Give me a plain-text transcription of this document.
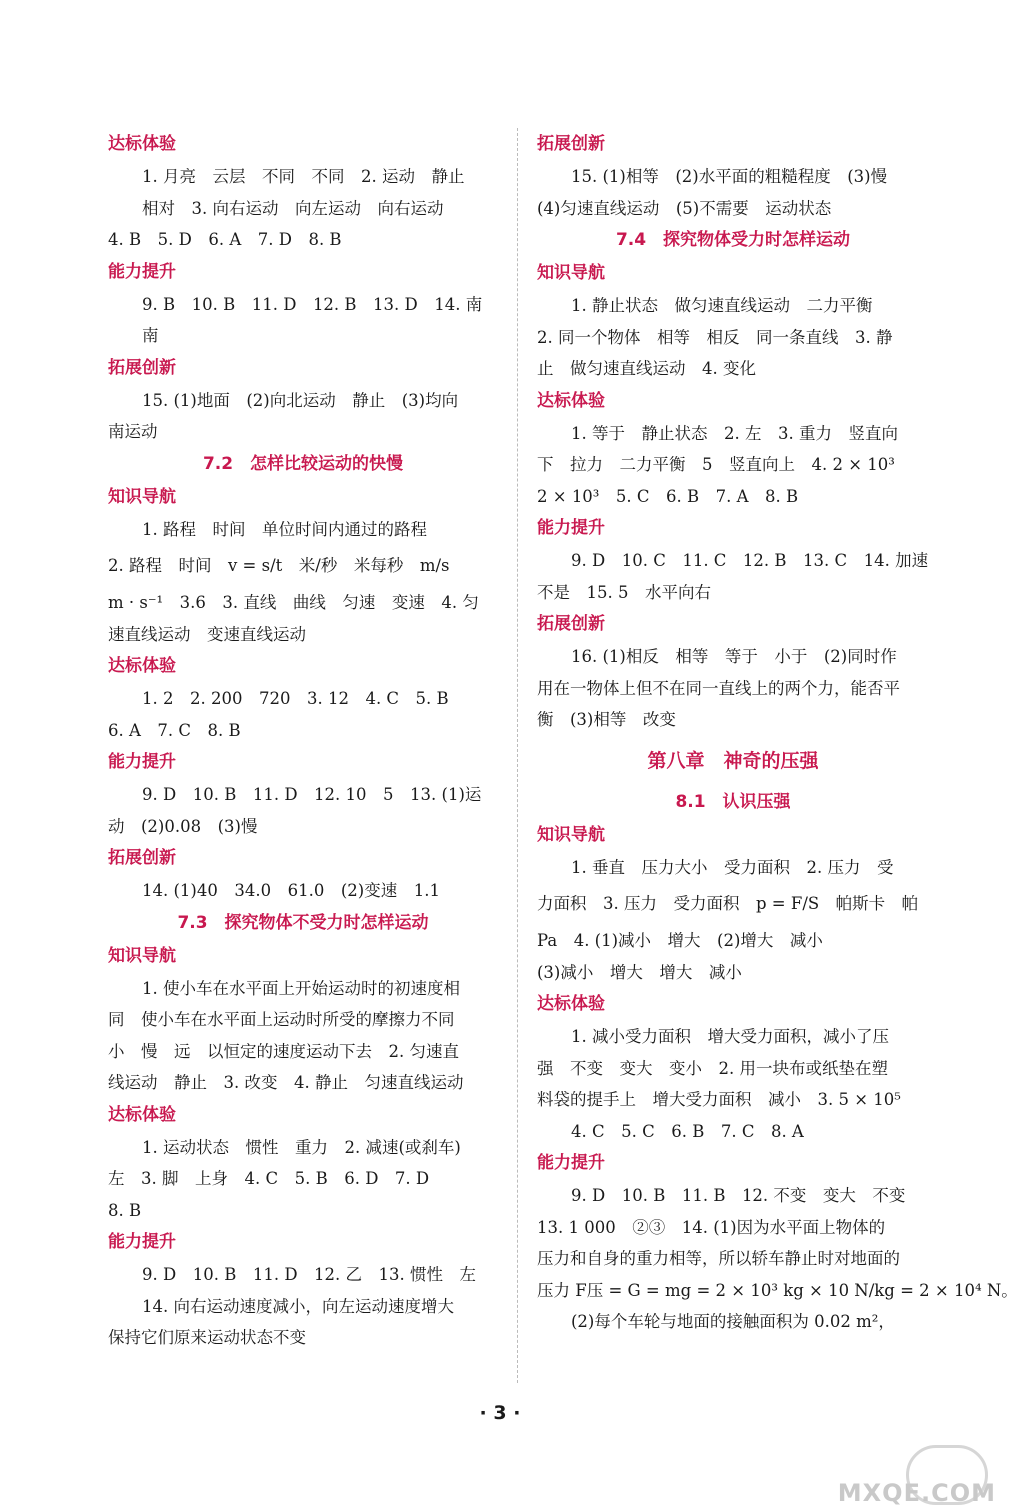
达标体验
1. 月亮　云层　不同　不同　2. 运动　静止
相对　3. 向右运动　向左运动　向右运动
4. B　5. D　6. A　7. D　8. B
能力提升
9. B　10. B　11. D　12. B　13. D　14. 南
南
拓展创新
15. (1)地面　(2)向北运动　静止　(3)均向
南运动
7.2　怎样比较运动的快慢
知识导航
1. 路程　时间　单位时间内通过的路程
2. 路程　时间　v = s/t　米/秒　米每秒　m/s
m · s⁻¹　3.6　3. 直线　曲线　匀速　变速　4. 匀
速直线运动　变速直线运动
达标体验
1. 2　2. 200　720　3. 12　4. C　5. B
6. A　7. C　8. B
能力提升
9. D　10. B　11. D　12. 10　5　13. (1)运
动　(2)0.08　(3)慢
拓展创新
14. (1)40　34.0　61.0　(2)变速　1.1
7.3　探究物体不受力时怎样运动
知识导航
1. 使小车在水平面上开始运动时的初速度相
同　使小车在水平面上运动时所受的摩擦力不同
小　慢　远　以恒定的速度运动下去　2. 匀速直
线运动　静止　3. 改变　4. 静止　匀速直线运动
达标体验
1. 运动状态　惯性　重力　2. 减速(或刹车)
左　3. 脚　上身　4. C　5. B　6. D　7. D
8. B
能力提升
9. D　10. B　11. D　12. 乙　13. 惯性　左
14. 向右运动速度减小，向左运动速度增大
保持它们原来运动状态不变
拓展创新
15. (1)相等　(2)水平面的粗糙程度　(3)慢
(4)匀速直线运动　(5)不需要　运动状态
7.4　探究物体受力时怎样运动
知识导航
1. 静止状态　做匀速直线运动　二力平衡
2. 同一个物体　相等　相反　同一条直线　3. 静
止　做匀速直线运动　4. 变化
达标体验
1. 等于　静止状态　2. 左　3. 重力　竖直向
下　拉力　二力平衡　5　竖直向上　4. 2 × 10³
2 × 10³　5. C　6. B　7. A　8. B
能力提升
9. D　10. C　11. C　12. B　13. C　14. 加速
不是　15. 5　水平向右
拓展创新
16. (1)相反　相等　等于　小于　(2)同时作
用在一物体上但不在同一直线上的两个力，能否平
衡　(3)相等　改变
第八章　神奇的压强
8.1　认识压强
知识导航
1. 垂直　压力大小　受力面积　2. 压力　受
力面积　3. 压力　受力面积　p = F/S　帕斯卡　帕
Pa　4. (1)减小　增大　(2)增大　减小
(3)减小　增大　增大　减小
达标体验
1. 减小受力面积　增大受力面积，减小了压
强　不变　变大　变小　2. 用一块布或纸垫在塑
料袋的提手上　增大受力面积　减小　3. 5 × 10⁵
4. C　5. C　6. B　7. C　8. A
能力提升
9. D　10. B　11. B　12. 不变　变大　不变
13. 1 000　②③　14. (1)因为水平面上物体的
压力和自身的重力相等，所以轿车静止时对地面的
压力 F压 = G = mg = 2 × 10³ kg × 10 N/kg = 2 × 10⁴ N。
(2)每个车轮与地面的接触面积为 0.02 m²，
· 3 ·
MXQE.COM
